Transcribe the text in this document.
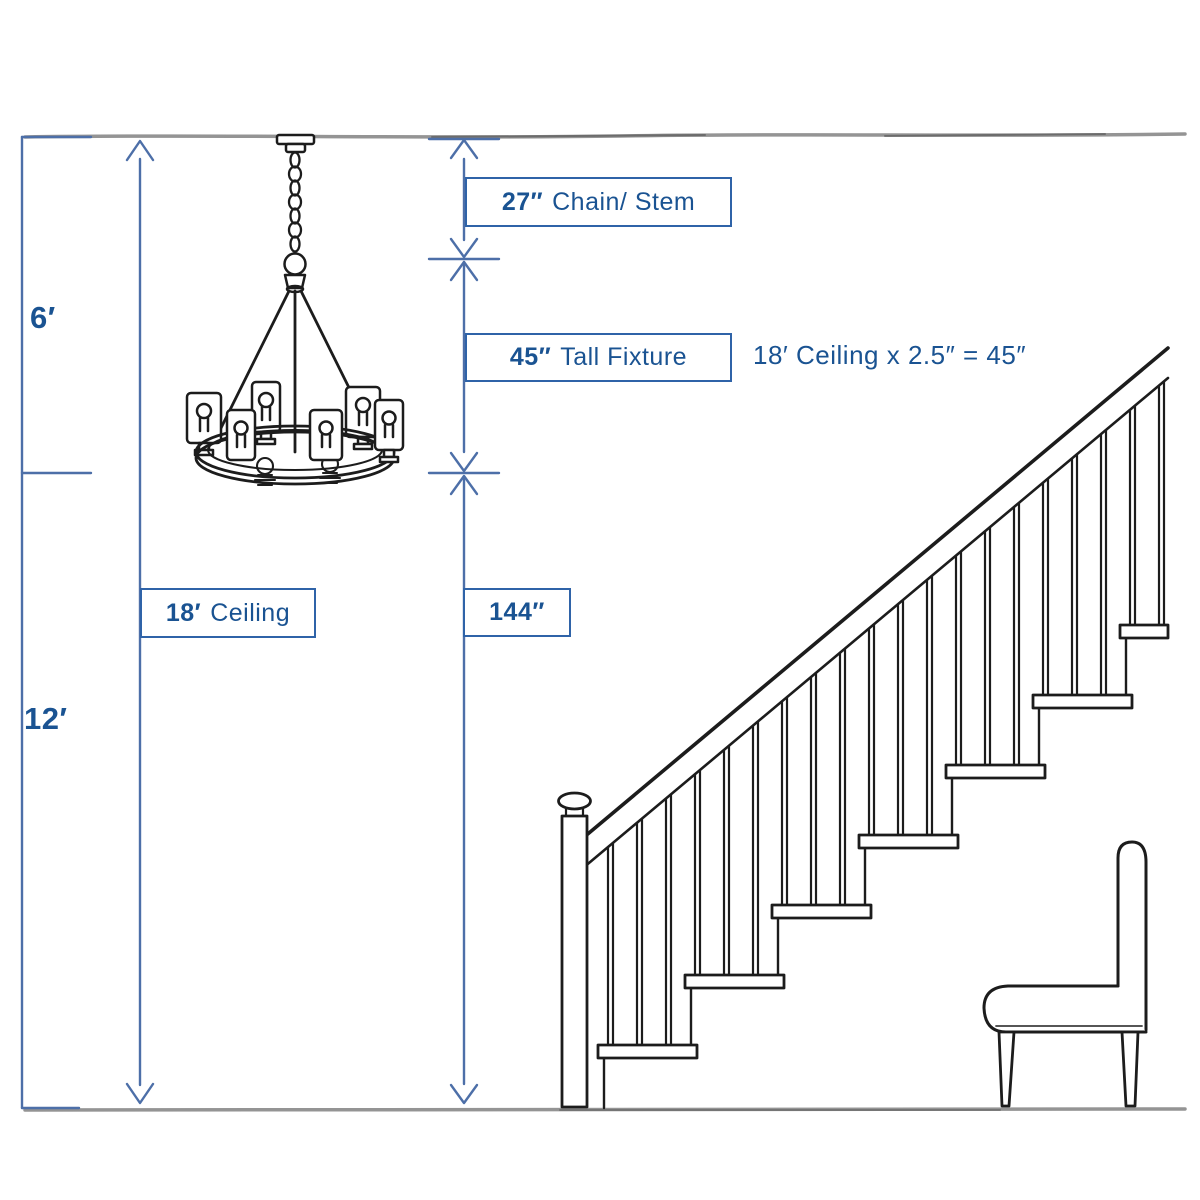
6′
12′
27″ Chain/ Stem
45″ Tall Fixture	18′ Ceiling x 2.5″ = 45″
18′ Ceiling	144″
